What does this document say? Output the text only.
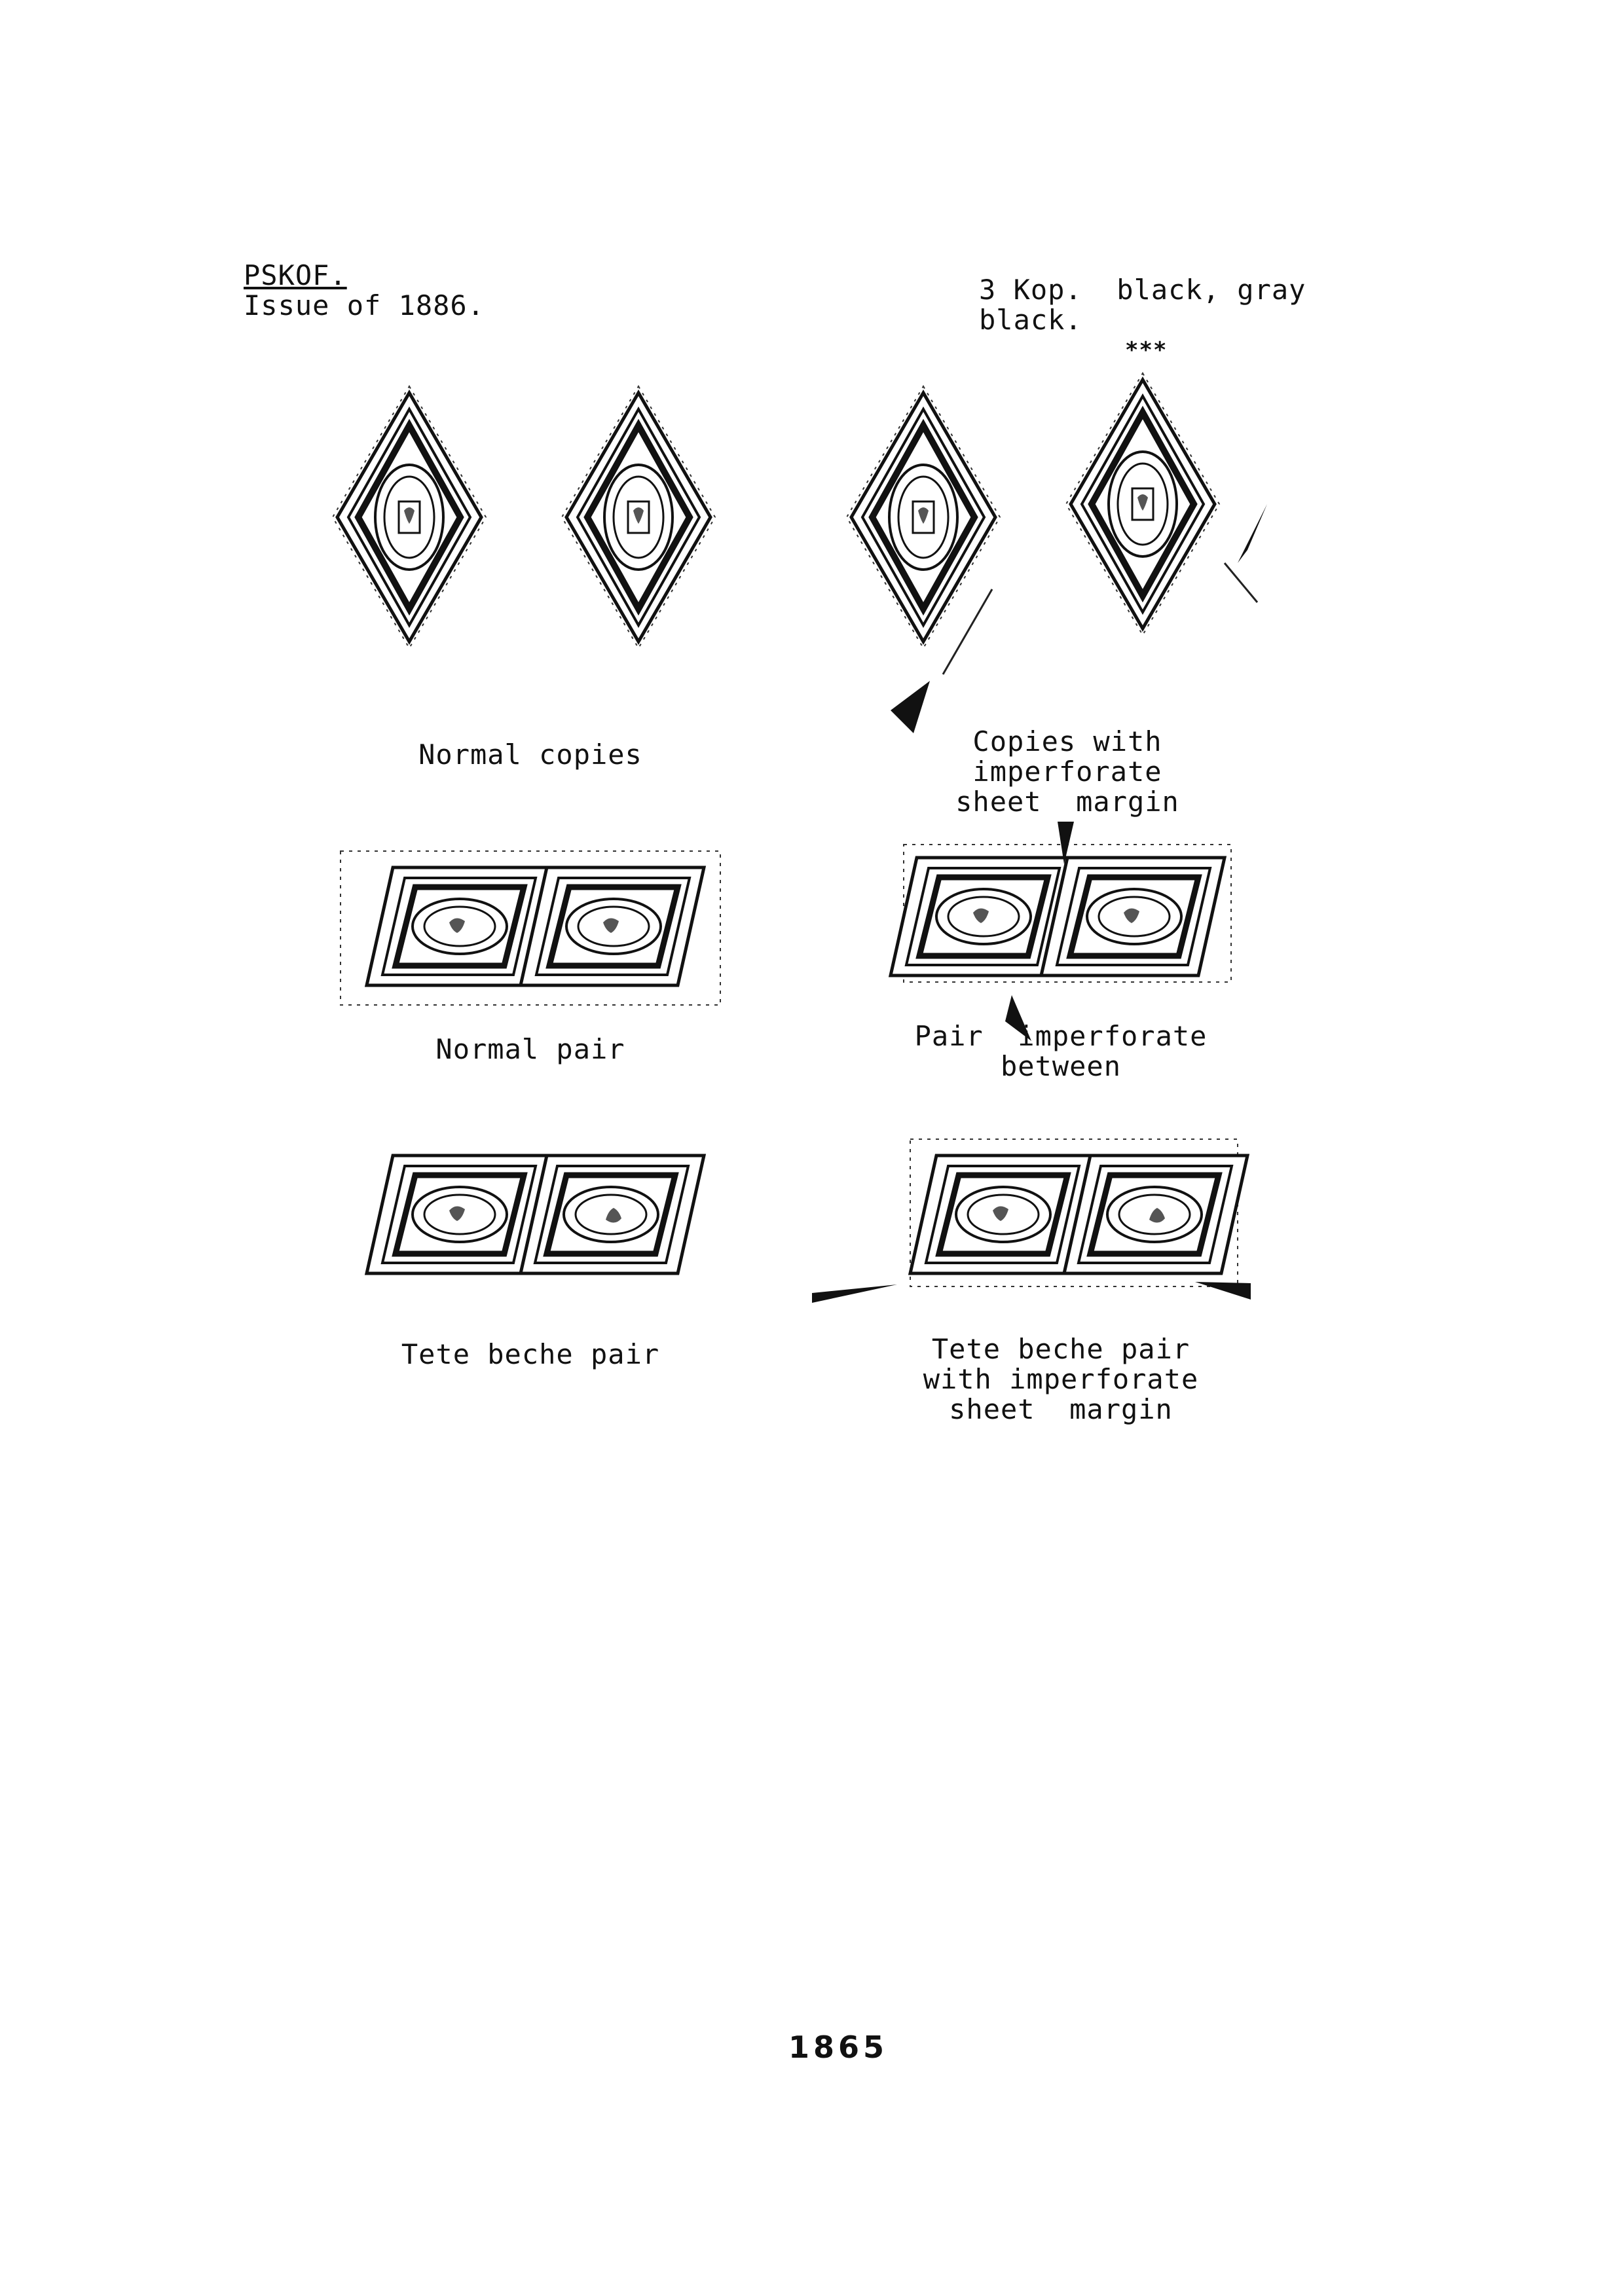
PSKOF.
Issue of 1886.	3 Kop.  black, gray
black.
***
Normal copies	Copies with
imperforate
sheet  margin
Normal pair	Pair  imperforate
between
Tete beche pair	Tete beche pair
with imperforate
sheet  margin
1865
